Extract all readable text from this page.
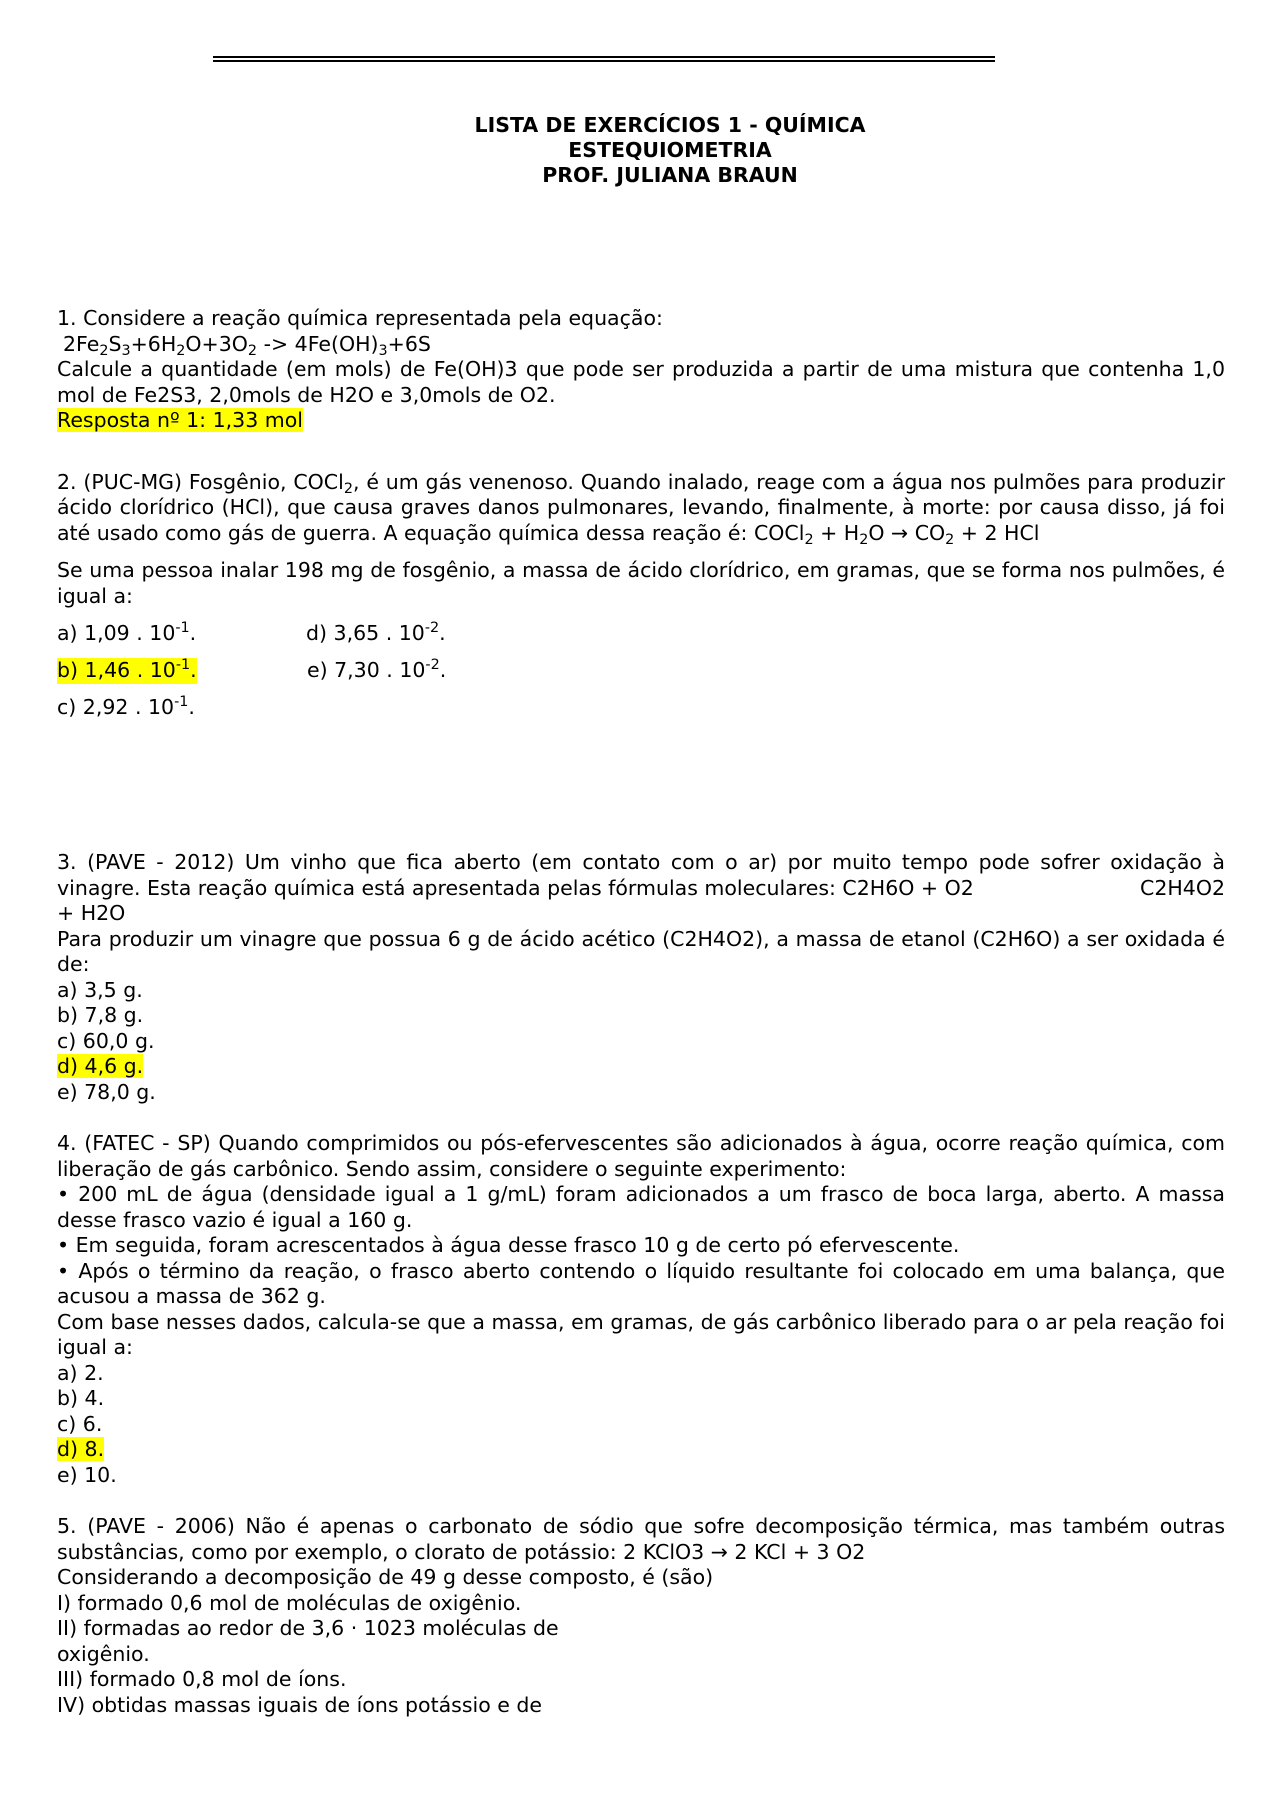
LISTA DE EXERCÍCIOS 1 - QUÍMICA
ESTEQUIOMETRIA
PROF. JULIANA BRAUN
1. Considere a reação química representada pela equação:
$2Fe_2S_3+6H_2O+3O_2 -> 4Fe(OH)_3+6S$
Calcule a quantidade (em mols) de Fe(OH)3 que pode ser produzida a partir de uma mistura que contenha 1,0 mol de Fe2S3, 2,0mols de H2O e 3,0mols de O2.
Resposta nº 1: 1,33 mol
2. (PUC-MG) Fosgênio, COCl$_2$, é um gás venenoso. Quando inalado, reage com a água nos pulmões para produzir ácido clorídrico (HCl), que causa graves danos pulmonares, levando, finalmente, à morte: por causa disso, já foi até usado como gás de guerra. A equação química dessa reação é: COCl$_2$ + $H_2O \to CO_2 + 2$ HCl
Se uma pessoa inalar 198 mg de fosgênio, a massa de ácido clorídrico, em gramas, que se forma nos pulmões, é igual a:
a) 1,09 . $10^{-1}$.	d) 3,65 . $10^{-2}$.
b) 1,46 . $10^{-1}$.	e) 7,30 . $10^{-2}$.
c) 2,92 . $10^{-1}$.
3. (PAVE - 2012) Um vinho que fica aberto (em contato com o ar) por muito tempo pode sofrer oxidação à
vinagre. Esta reação química está apresentada pelas fórmulas moleculares: C2H6O + O2	C2H4O2
+ H2O
Para produzir um vinagre que possua 6 g de ácido acético (C2H4O2), a massa de etanol (C2H6O) a ser oxidada é de:
a) 3,5 g.
b) 7,8 g.
c) 60,0 g.
d) 4,6 g.
e) 78,0 g.
4. (FATEC - SP) Quando comprimidos ou pós-efervescentes são adicionados à água, ocorre reação química, com liberação de gás carbônico. Sendo assim, considere o seguinte experimento:
• 200 mL de água (densidade igual a 1 g/mL) foram adicionados a um frasco de boca larga, aberto. A massa desse frasco vazio é igual a 160 g.
• Em seguida, foram acrescentados à água desse frasco 10 g de certo pó efervescente.
• Após o término da reação, o frasco aberto contendo o líquido resultante foi colocado em uma balança, que acusou a massa de 362 g.
Com base nesses dados, calcula-se que a massa, em gramas, de gás carbônico liberado para o ar pela reação foi igual a:
a) 2.
b) 4.
c) 6.
d) 8.
e) 10.
5. (PAVE - 2006) Não é apenas o carbonato de sódio que sofre decomposição térmica, mas também outras substâncias, como por exemplo, o clorato de potássio: 2 KClO3 → 2 KCl + 3 O2
Considerando a decomposição de 49 g desse composto, é (são)
I) formado 0,6 mol de moléculas de oxigênio.
II) formadas ao redor de 3,6 · 1023 moléculas de
oxigênio.
III) formado 0,8 mol de íons.
IV) obtidas massas iguais de íons potássio e de
